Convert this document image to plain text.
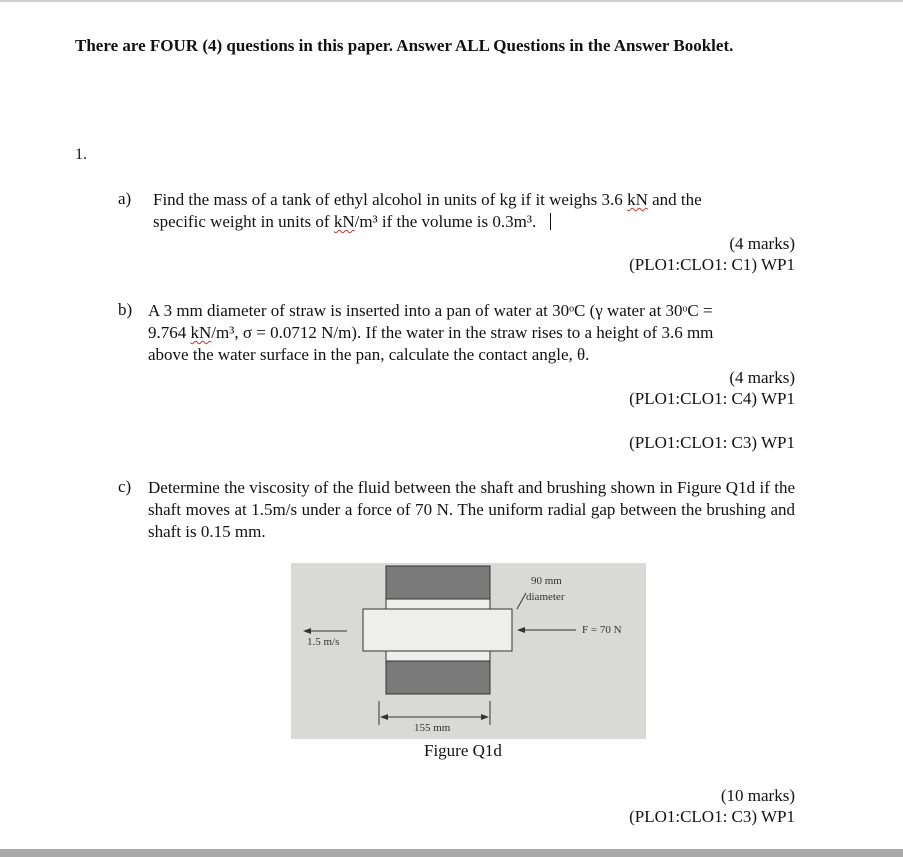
There are FOUR (4) questions in this paper. Answer ALL Questions in the Answer Booklet.
1.
a) Find the mass of a tank of ethyl alcohol in units of kg if it weighs 3.6 kN and the
specific weight in units of kN/m³ if the volume is 0.3m³.
(4 marks)
(PLO1:CLO1: C1) WP1
b) A 3 mm diameter of straw is inserted into a pan of water at 30ᵒC (γ water at 30ᵒC =
9.764 kN/m³, σ = 0.0712 N/m). If the water in the straw rises to a height of 3.6 mm
above the water surface in the pan, calculate the contact angle, θ.
(4 marks)
(PLO1:CLO1: C4) WP1
(PLO1:CLO1: C3) WP1
c) Determine the viscosity of the fluid between the shaft and brushing shown in Figure Q1d if the shaft moves at 1.5m/s under a force of 70 N. The uniform radial gap between the brushing and shaft is 0.15 mm.
90 mm
diameter
F = 70 N
1.5 m/s
155 mm
Figure Q1d
(10 marks)
(PLO1:CLO1: C3) WP1
